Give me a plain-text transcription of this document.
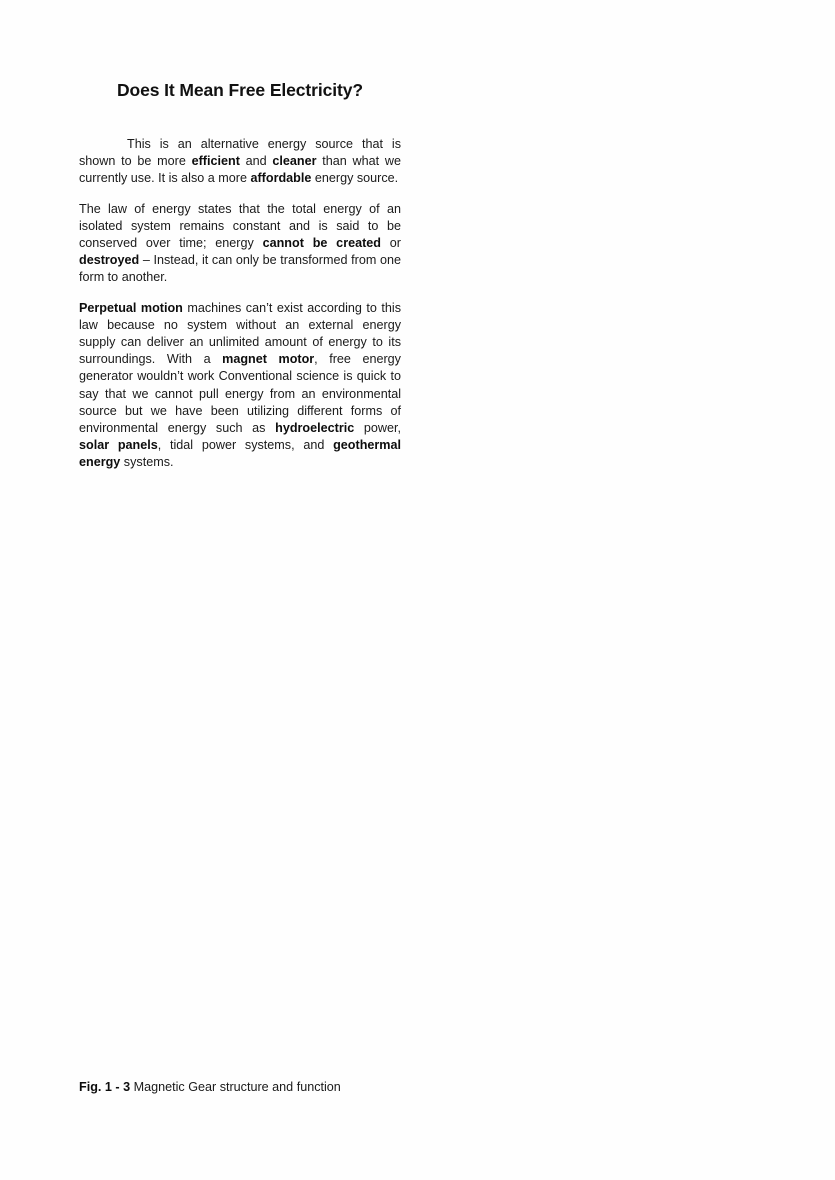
Does It Mean Free Electricity?

This is an alternative energy source that is shown to be more efficient and cleaner than what we currently use. It is also a more affordable energy source.

The law of energy states that the total energy of an isolated system remains constant and is said to be conserved over time; energy cannot be created or destroyed – Instead, it can only be transformed from one form to another.

Perpetual motion machines can’t exist according to this law because no system without an external energy supply can deliver an unlimited amount of energy to its surroundings. With a magnet motor, free energy generator wouldn’t work Conventional science is quick to say that we cannot pull energy from an environmental source but we have been utilizing different forms of environmental energy such as hydroelectric power, solar panels, tidal power systems, and geothermal energy systems.

Fig. 1 - 3 Magnetic Gear structure and function
